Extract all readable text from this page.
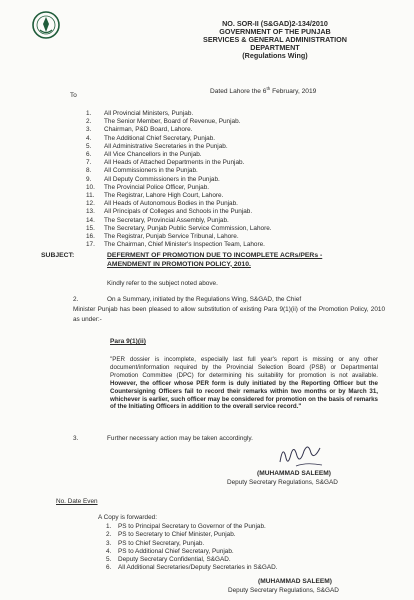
NO. SOR-II (S&GAD)2-134/2010
GOVERNMENT OF THE PUNJAB
SERVICES & GENERAL ADMINISTRATION
DEPARTMENT
(Regulations Wing)
Dated Lahore the 6th February, 2019
To
1.	All Provincial Ministers, Punjab.
2.	The Senior Member, Board of Revenue, Punjab.
3.	Chairman, P&D Board, Lahore.
4.	The Additional Chief Secretary, Punjab.
5.	All Administrative Secretaries in the Punjab.
6.	All Vice Chancellors in the Punjab.
7.	All Heads of Attached Departments in the Punjab.
8.	All Commissioners in the Punjab.
9.	All Deputy Commissioners in the Punjab.
10.	The Provincial Police Officer, Punjab.
11.	The Registrar, Lahore High Court, Lahore.
12.	All Heads of Autonomous Bodies in the Punjab.
13.	All Principals of Colleges and Schools in the Punjab.
14.	The Secretary, Provincial Assembly, Punjab.
15.	The Secretary, Punjab Public Service Commission, Lahore.
16.	The Registrar, Punjab Service Tribunal, Lahore.
17.	The Chairman, Chief Minister's Inspection Team, Lahore.
SUBJECT:	DEFERMENT OF PROMOTION DUE TO INCOMPLETE ACRs/PERs - AMENDMENT IN PROMOTION POLICY, 2010.
Kindly refer to the subject noted above.
2.	On a Summary, initiated by the Regulations Wing, S&GAD, the Chief
Minister Punjab has been pleased to allow substitution of existing Para 9(1)(ii) of the Promotion Policy, 2010 as under:-
Para 9(1)(ii)
"PER dossier is incomplete, especially last full year's report is missing or any other document/information required by the Provincial Selection Board (PSB) or Departmental Promotion Committee (DPC) for determining his suitability for promotion is not available. However, the officer whose PER form is duly initiated by the Reporting Officer but the Countersigning Officers fail to record their remarks within two months or by March 31, whichever is earlier, such officer may be considered for promotion on the basis of remarks of the Initiating Officers in addition to the overall service record."
3.	Further necessary action may be taken accordingly.
(MUHAMMAD SALEEM)
Deputy Secretary Regulations, S&GAD
No. Date Even
A Copy is forwarded:
1.	PS to Principal Secretary to Governor of the Punjab.
2.	PS to Secretary to Chief Minister, Punjab.
3.	PS to Chief Secretary, Punjab.
4.	PS to Additional Chief Secretary, Punjab.
5.	Deputy Secretary Confidential, S&GAD.
6.	All Additional Secretaries/Deputy Secretaries in S&GAD.
(MUHAMMAD SALEEM)
Deputy Secretary Regulations, S&GAD
